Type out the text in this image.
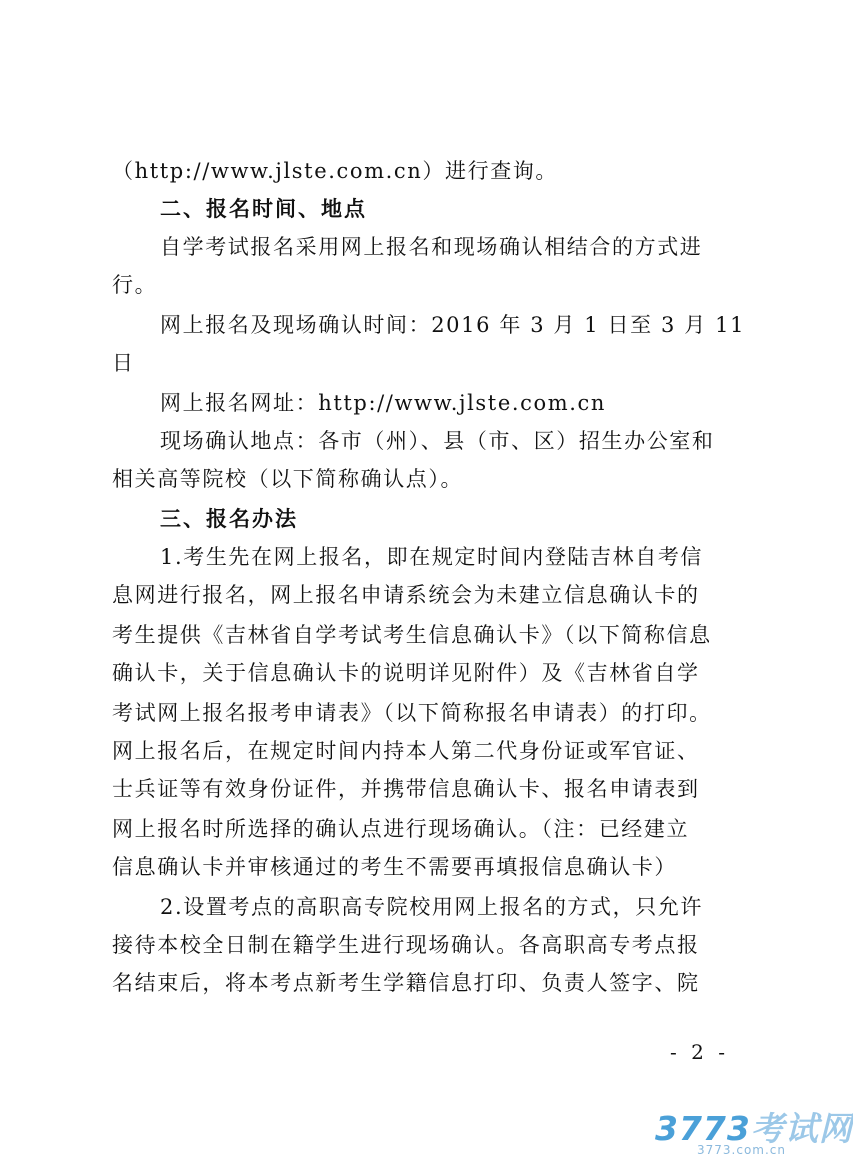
（http://www.jlste.com.cn）进行查询。
二、报名时间、地点
自学考试报名采用网上报名和现场确认相结合的方式进
行。
网上报名及现场确认时间：2016 年 3 月 1 日至 3 月 11
日
网上报名网址：http://www.jlste.com.cn
现场确认地点：各市（州）、县（市、区）招生办公室和
相关高等院校（以下简称确认点）。
三、报名办法
1.考生先在网上报名，即在规定时间内登陆吉林自考信
息网进行报名，网上报名申请系统会为未建立信息确认卡的
考生提供《吉林省自学考试考生信息确认卡》（以下简称信息
确认卡，关于信息确认卡的说明详见附件）及《吉林省自学
考试网上报名报考申请表》（以下简称报名申请表）的打印。
网上报名后，在规定时间内持本人第二代身份证或军官证、
士兵证等有效身份证件，并携带信息确认卡、报名申请表到
网上报名时所选择的确认点进行现场确认。（注：已经建立
信息确认卡并审核通过的考生不需要再填报信息确认卡）
2.设置考点的高职高专院校用网上报名的方式，只允许
接待本校全日制在籍学生进行现场确认。各高职高专考点报
名结束后，将本考点新考生学籍信息打印、负责人签字、院
- 2 -
3773考试网
3773.com.cn
